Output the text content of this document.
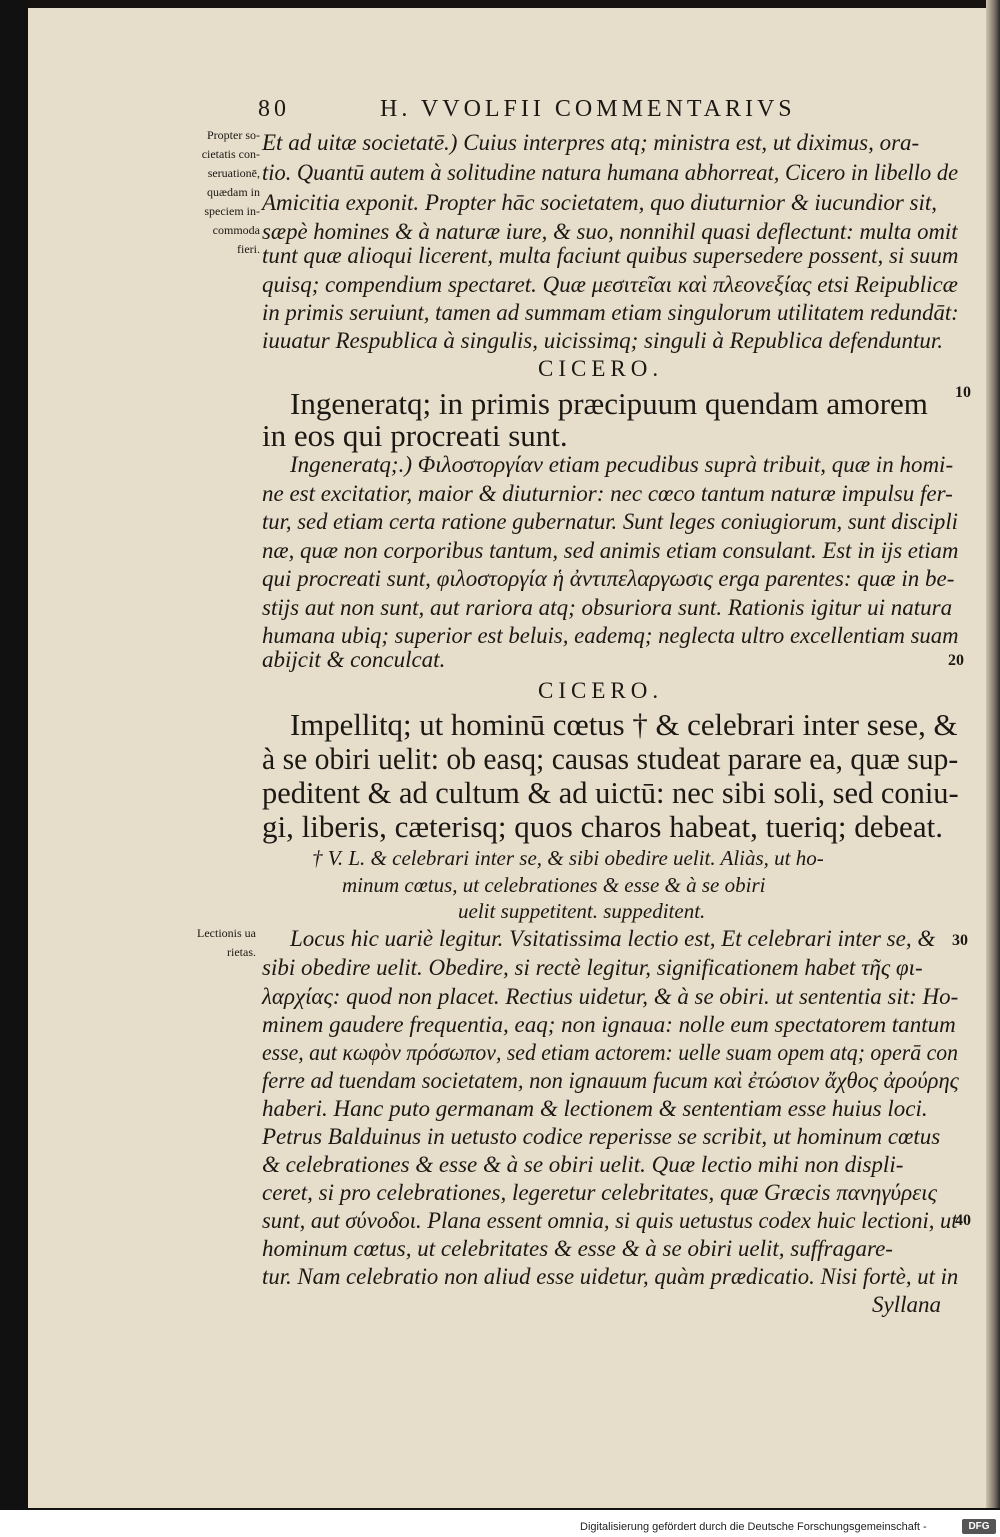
80	H. VVOLFII COMMENTARIVS
Propter so-
cietatis con-
seruationē,
quædam in
speciem in-
commoda
fieri.
Lectionis ua
rietas.
10
20
30
40
Et ad uitæ societatē.) Cuius interpres atq; ministra est, ut diximus, ora-
tio. Quantū autem à solitudine natura humana abhorreat, Cicero in libello de
Amicitia exponit. Propter hāc societatem, quo diuturnior & iucundior sit,
sæpè homines & à naturæ iure, & suo, nonnihil quasi deflectunt: multa omit
tunt quæ alioqui licerent, multa faciunt quibus supersedere possent, si suum
quisq; compendium spectaret. Quæ μεσιτεῖαι καὶ πλεονεξίας etsi Reipublicæ
in primis seruiunt, tamen ad summam etiam singulorum utilitatem redundāt:
iuuatur Respublica à singulis, uicissimq; singuli à Republica defenduntur.
CICERO.
Ingeneratq; in primis præcipuum quendam amorem
in eos qui procreati sunt.
Ingeneratq;.) Φιλοστοργίαν etiam pecudibus suprà tribuit, quæ in homi-
ne est excitatior, maior & diuturnior: nec cœco tantum naturæ impulsu fer-
tur, sed etiam certa ratione gubernatur. Sunt leges coniugiorum, sunt discipli
næ, quæ non corporibus tantum, sed animis etiam consulant. Est in ijs etiam
qui procreati sunt, φιλοστοργία ἡ ἀντιπελαργωσις erga parentes: quæ in be-
stijs aut non sunt, aut rariora atq; obsuriora sunt. Rationis igitur ui natura
humana ubiq; superior est beluis, eademq; neglecta ultro excellentiam suam
abijcit & conculcat.
CICERO.
Impellitq; ut hominū cœtus † & celebrari inter sese, &
à se obiri uelit: ob easq; causas studeat parare ea, quæ sup-
peditent & ad cultum & ad uictū: nec sibi soli, sed coniu-
gi, liberis, cæterisq; quos charos habeat, tueriq; debeat.
† V. L. & celebrari inter se, & sibi obedire uelit. Aliàs, ut ho-
minum cœtus, ut celebrationes & esse & à se obiri
uelit suppetitent. suppeditent.
Locus hic uariè legitur. Vsitatissima lectio est, Et celebrari inter se, &
sibi obedire uelit. Obedire, si rectè legitur, significationem habet τῆς φι-
λαρχίας: quod non placet. Rectius uidetur, & à se obiri. ut sententia sit: Ho-
minem gaudere frequentia, eaq; non ignaua: nolle eum spectatorem tantum
esse, aut κωφὸν πρόσωπον, sed etiam actorem: uelle suam opem atq; operā con
ferre ad tuendam societatem, non ignauum fucum καὶ ἐτώσιον ἄχθος ἀρούρης
haberi. Hanc puto germanam & lectionem & sententiam esse huius loci.
Petrus Balduinus in uetusto codice reperisse se scribit, ut hominum cœtus
& celebrationes & esse & à se obiri uelit. Quæ lectio mihi non displi-
ceret, si pro celebrationes, legeretur celebritates, quæ Græcis πανηγύρεις
sunt, aut σύνοδοι. Plana essent omnia, si quis uetustus codex huic lectioni, ut
hominum cœtus, ut celebritates & esse & à se obiri uelit, suffragare-
tur. Nam celebratio non aliud esse uidetur, quàm prædicatio. Nisi fortè, ut in
Syllana
Digitalisierung gefördert durch die Deutsche Forschungsgemeinschaft -	DFG
